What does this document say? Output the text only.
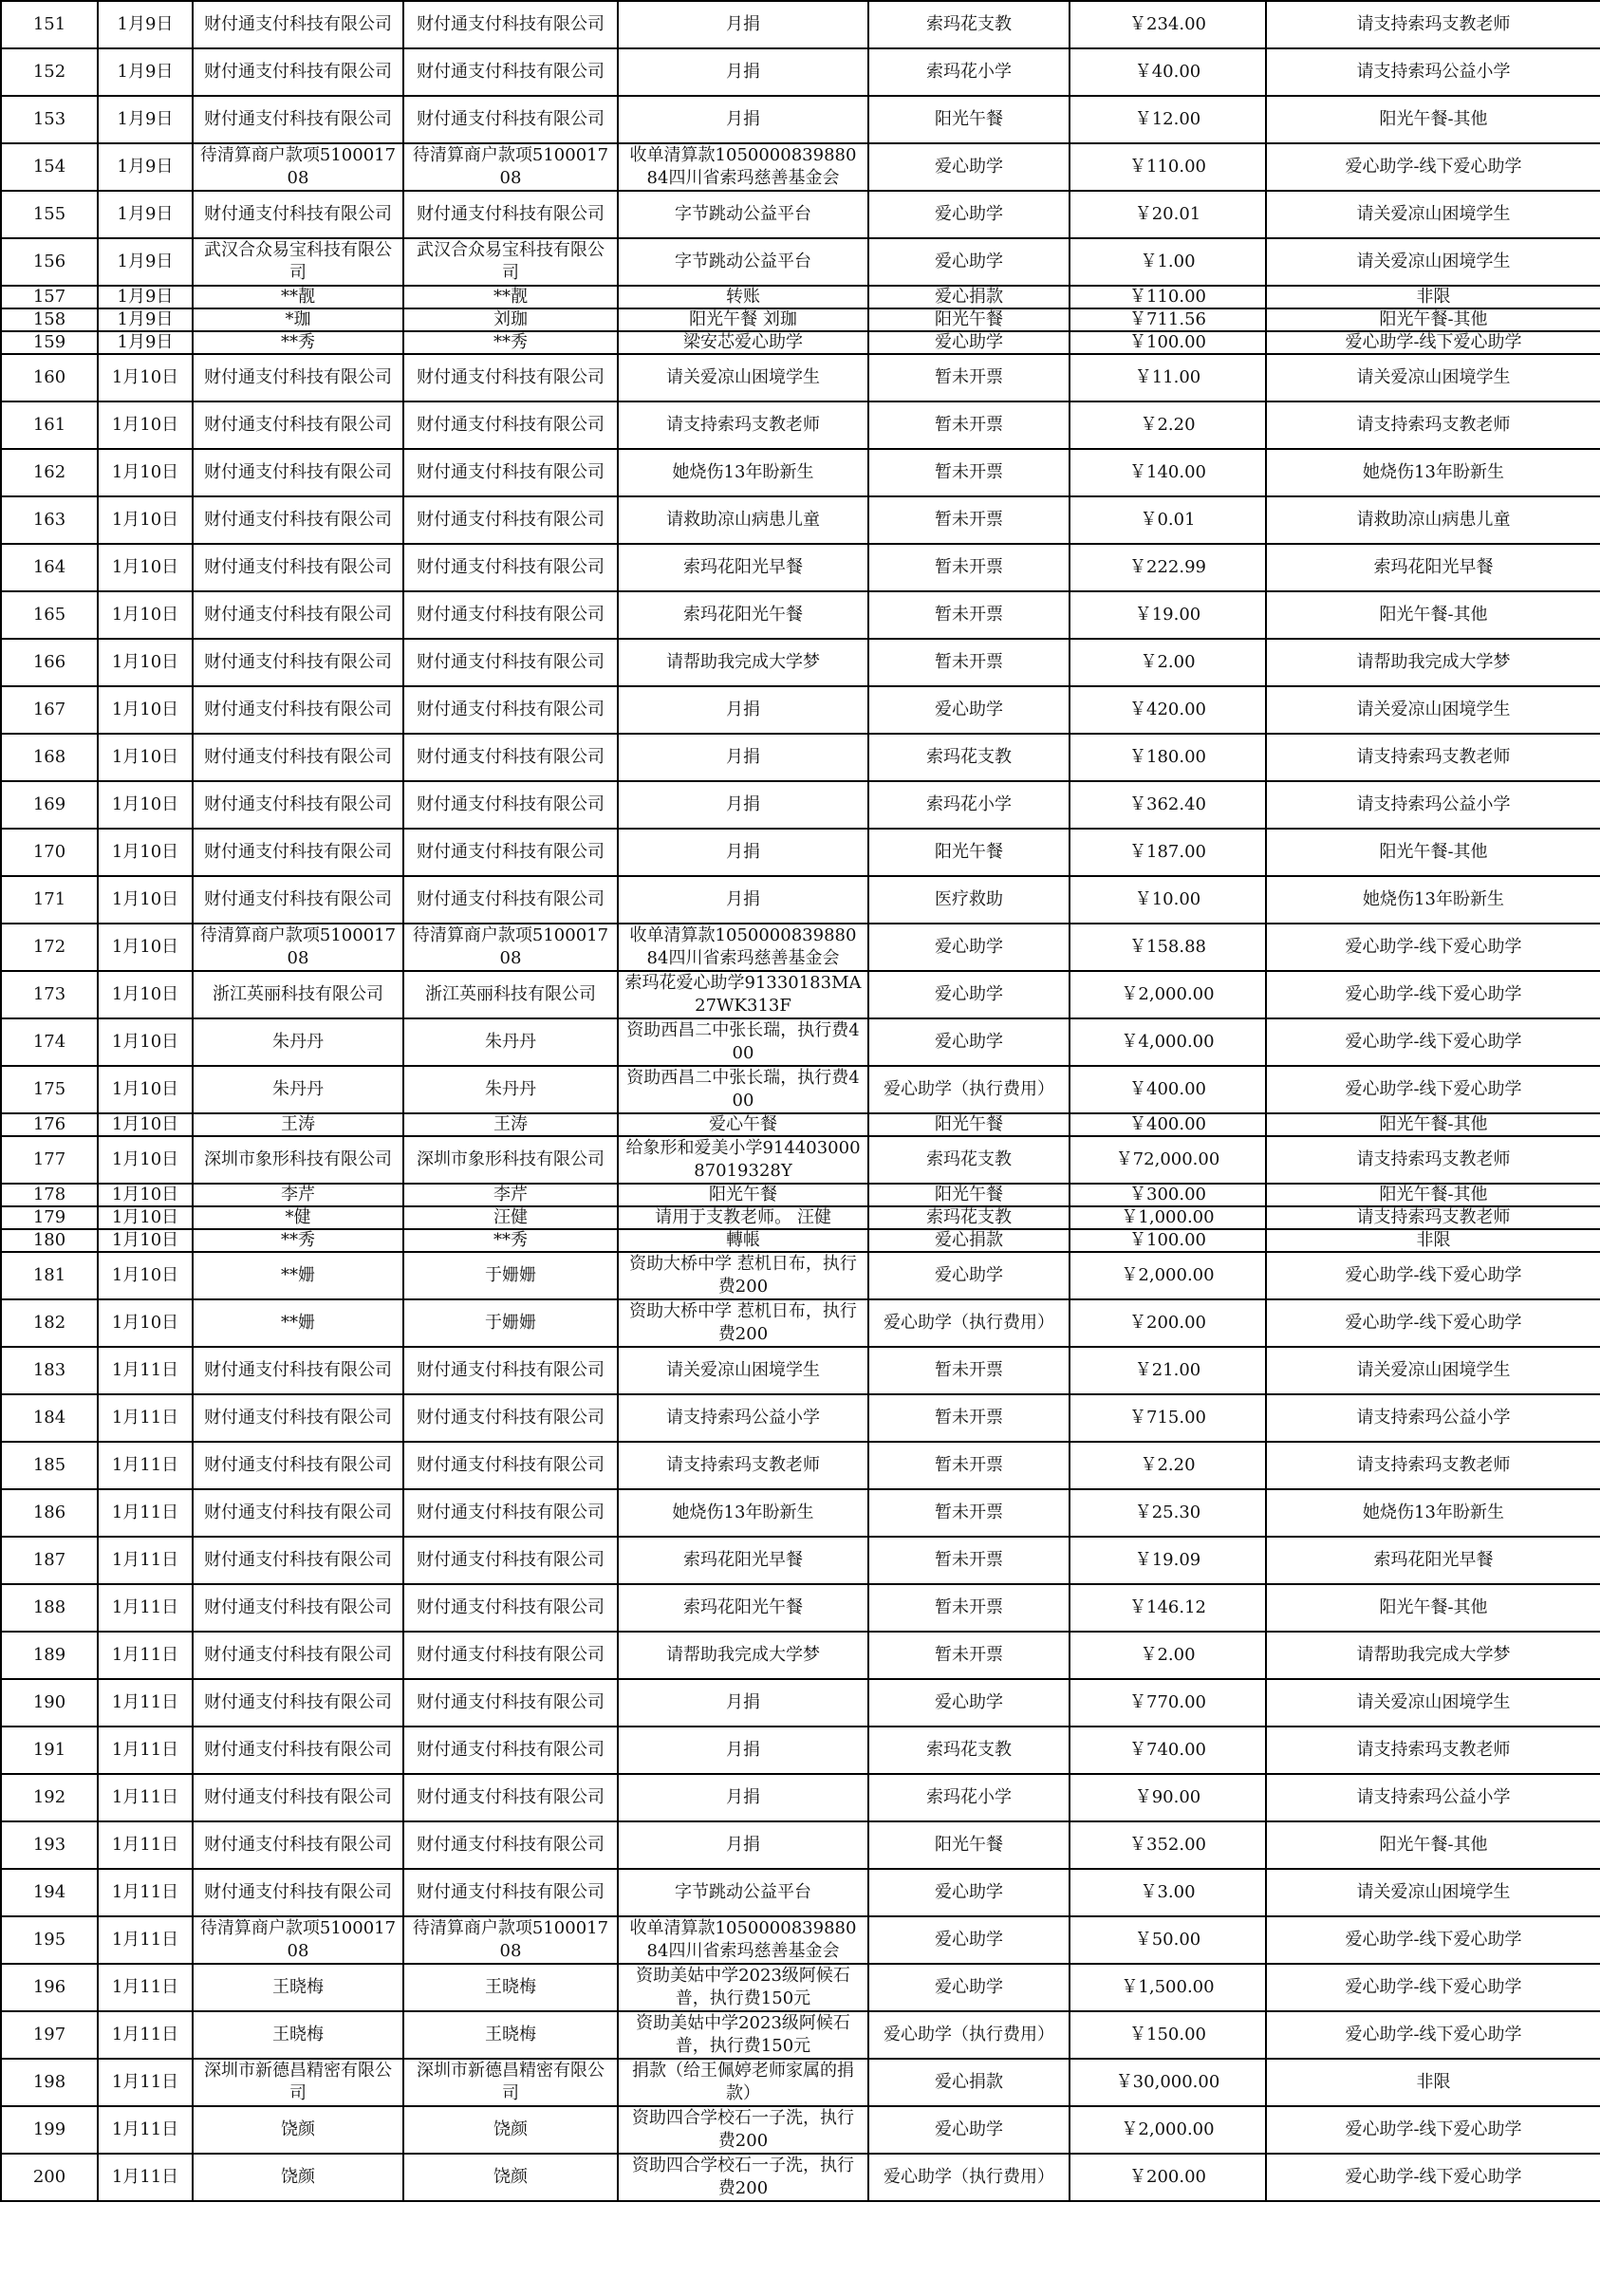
151	1月9日	财付通支付科技有限公司	财付通支付科技有限公司	月捐	索玛花支教	￥234.00	请支持索玛支教老师
152	1月9日	财付通支付科技有限公司	财付通支付科技有限公司	月捐	索玛花小学	￥40.00	请支持索玛公益小学
153	1月9日	财付通支付科技有限公司	财付通支付科技有限公司	月捐	阳光午餐	￥12.00	阳光午餐-其他
154	1月9日	待清算商户款项510001708	待清算商户款项510001708	收单清算款105000083988084四川省索玛慈善基金会	爱心助学	￥110.00	爱心助学-线下爱心助学
155	1月9日	财付通支付科技有限公司	财付通支付科技有限公司	字节跳动公益平台	爱心助学	￥20.01	请关爱凉山困境学生
156	1月9日	武汉合众易宝科技有限公司	武汉合众易宝科技有限公司	字节跳动公益平台	爱心助学	￥1.00	请关爱凉山困境学生
157	1月9日	**靓	**靓	转账	爱心捐款	￥110.00	非限
158	1月9日	*珈	刘珈	阳光午餐 刘珈	阳光午餐	￥711.56	阳光午餐-其他
159	1月9日	**秀	**秀	梁安芯爱心助学	爱心助学	￥100.00	爱心助学-线下爱心助学
160	1月10日	财付通支付科技有限公司	财付通支付科技有限公司	请关爱凉山困境学生	暂未开票	￥11.00	请关爱凉山困境学生
161	1月10日	财付通支付科技有限公司	财付通支付科技有限公司	请支持索玛支教老师	暂未开票	￥2.20	请支持索玛支教老师
162	1月10日	财付通支付科技有限公司	财付通支付科技有限公司	她烧伤13年盼新生	暂未开票	￥140.00	她烧伤13年盼新生
163	1月10日	财付通支付科技有限公司	财付通支付科技有限公司	请救助凉山病患儿童	暂未开票	￥0.01	请救助凉山病患儿童
164	1月10日	财付通支付科技有限公司	财付通支付科技有限公司	索玛花阳光早餐	暂未开票	￥222.99	索玛花阳光早餐
165	1月10日	财付通支付科技有限公司	财付通支付科技有限公司	索玛花阳光午餐	暂未开票	￥19.00	阳光午餐-其他
166	1月10日	财付通支付科技有限公司	财付通支付科技有限公司	请帮助我完成大学梦	暂未开票	￥2.00	请帮助我完成大学梦
167	1月10日	财付通支付科技有限公司	财付通支付科技有限公司	月捐	爱心助学	￥420.00	请关爱凉山困境学生
168	1月10日	财付通支付科技有限公司	财付通支付科技有限公司	月捐	索玛花支教	￥180.00	请支持索玛支教老师
169	1月10日	财付通支付科技有限公司	财付通支付科技有限公司	月捐	索玛花小学	￥362.40	请支持索玛公益小学
170	1月10日	财付通支付科技有限公司	财付通支付科技有限公司	月捐	阳光午餐	￥187.00	阳光午餐-其他
171	1月10日	财付通支付科技有限公司	财付通支付科技有限公司	月捐	医疗救助	￥10.00	她烧伤13年盼新生
172	1月10日	待清算商户款项510001708	待清算商户款项510001708	收单清算款105000083988084四川省索玛慈善基金会	爱心助学	￥158.88	爱心助学-线下爱心助学
173	1月10日	浙江英丽科技有限公司	浙江英丽科技有限公司	索玛花爱心助学91330183MA27WK313F	爱心助学	￥2,000.00	爱心助学-线下爱心助学
174	1月10日	朱丹丹	朱丹丹	资助西昌二中张长瑞，执行费400	爱心助学	￥4,000.00	爱心助学-线下爱心助学
175	1月10日	朱丹丹	朱丹丹	资助西昌二中张长瑞，执行费400	爱心助学（执行费用）	￥400.00	爱心助学-线下爱心助学
176	1月10日	王涛	王涛	爱心午餐	阳光午餐	￥400.00	阳光午餐-其他
177	1月10日	深圳市象形科技有限公司	深圳市象形科技有限公司	给象形和爱美小学91440300087019328Y	索玛花支教	￥72,000.00	请支持索玛支教老师
178	1月10日	李芹	李芹	阳光午餐	阳光午餐	￥300.00	阳光午餐-其他
179	1月10日	*健	汪健	请用于支教老师。 汪健	索玛花支教	￥1,000.00	请支持索玛支教老师
180	1月10日	**秀	**秀	轉帳	爱心捐款	￥100.00	非限
181	1月10日	**姗	于姗姗	资助大桥中学 惹机日布，执行费200	爱心助学	￥2,000.00	爱心助学-线下爱心助学
182	1月10日	**姗	于姗姗	资助大桥中学 惹机日布，执行费200	爱心助学（执行费用）	￥200.00	爱心助学-线下爱心助学
183	1月11日	财付通支付科技有限公司	财付通支付科技有限公司	请关爱凉山困境学生	暂未开票	￥21.00	请关爱凉山困境学生
184	1月11日	财付通支付科技有限公司	财付通支付科技有限公司	请支持索玛公益小学	暂未开票	￥715.00	请支持索玛公益小学
185	1月11日	财付通支付科技有限公司	财付通支付科技有限公司	请支持索玛支教老师	暂未开票	￥2.20	请支持索玛支教老师
186	1月11日	财付通支付科技有限公司	财付通支付科技有限公司	她烧伤13年盼新生	暂未开票	￥25.30	她烧伤13年盼新生
187	1月11日	财付通支付科技有限公司	财付通支付科技有限公司	索玛花阳光早餐	暂未开票	￥19.09	索玛花阳光早餐
188	1月11日	财付通支付科技有限公司	财付通支付科技有限公司	索玛花阳光午餐	暂未开票	￥146.12	阳光午餐-其他
189	1月11日	财付通支付科技有限公司	财付通支付科技有限公司	请帮助我完成大学梦	暂未开票	￥2.00	请帮助我完成大学梦
190	1月11日	财付通支付科技有限公司	财付通支付科技有限公司	月捐	爱心助学	￥770.00	请关爱凉山困境学生
191	1月11日	财付通支付科技有限公司	财付通支付科技有限公司	月捐	索玛花支教	￥740.00	请支持索玛支教老师
192	1月11日	财付通支付科技有限公司	财付通支付科技有限公司	月捐	索玛花小学	￥90.00	请支持索玛公益小学
193	1月11日	财付通支付科技有限公司	财付通支付科技有限公司	月捐	阳光午餐	￥352.00	阳光午餐-其他
194	1月11日	财付通支付科技有限公司	财付通支付科技有限公司	字节跳动公益平台	爱心助学	￥3.00	请关爱凉山困境学生
195	1月11日	待清算商户款项510001708	待清算商户款项510001708	收单清算款105000083988084四川省索玛慈善基金会	爱心助学	￥50.00	爱心助学-线下爱心助学
196	1月11日	王晓梅	王晓梅	资助美姑中学2023级阿候石普，执行费150元	爱心助学	￥1,500.00	爱心助学-线下爱心助学
197	1月11日	王晓梅	王晓梅	资助美姑中学2023级阿候石普，执行费150元	爱心助学（执行费用）	￥150.00	爱心助学-线下爱心助学
198	1月11日	深圳市新德昌精密有限公司	深圳市新德昌精密有限公司	捐款（给王佩婷老师家属的捐款）	爱心捐款	￥30,000.00	非限
199	1月11日	饶颜	饶颜	资助四合学校石一子洗，执行费200	爱心助学	￥2,000.00	爱心助学-线下爱心助学
200	1月11日	饶颜	饶颜	资助四合学校石一子洗，执行费200	爱心助学（执行费用）	￥200.00	爱心助学-线下爱心助学
